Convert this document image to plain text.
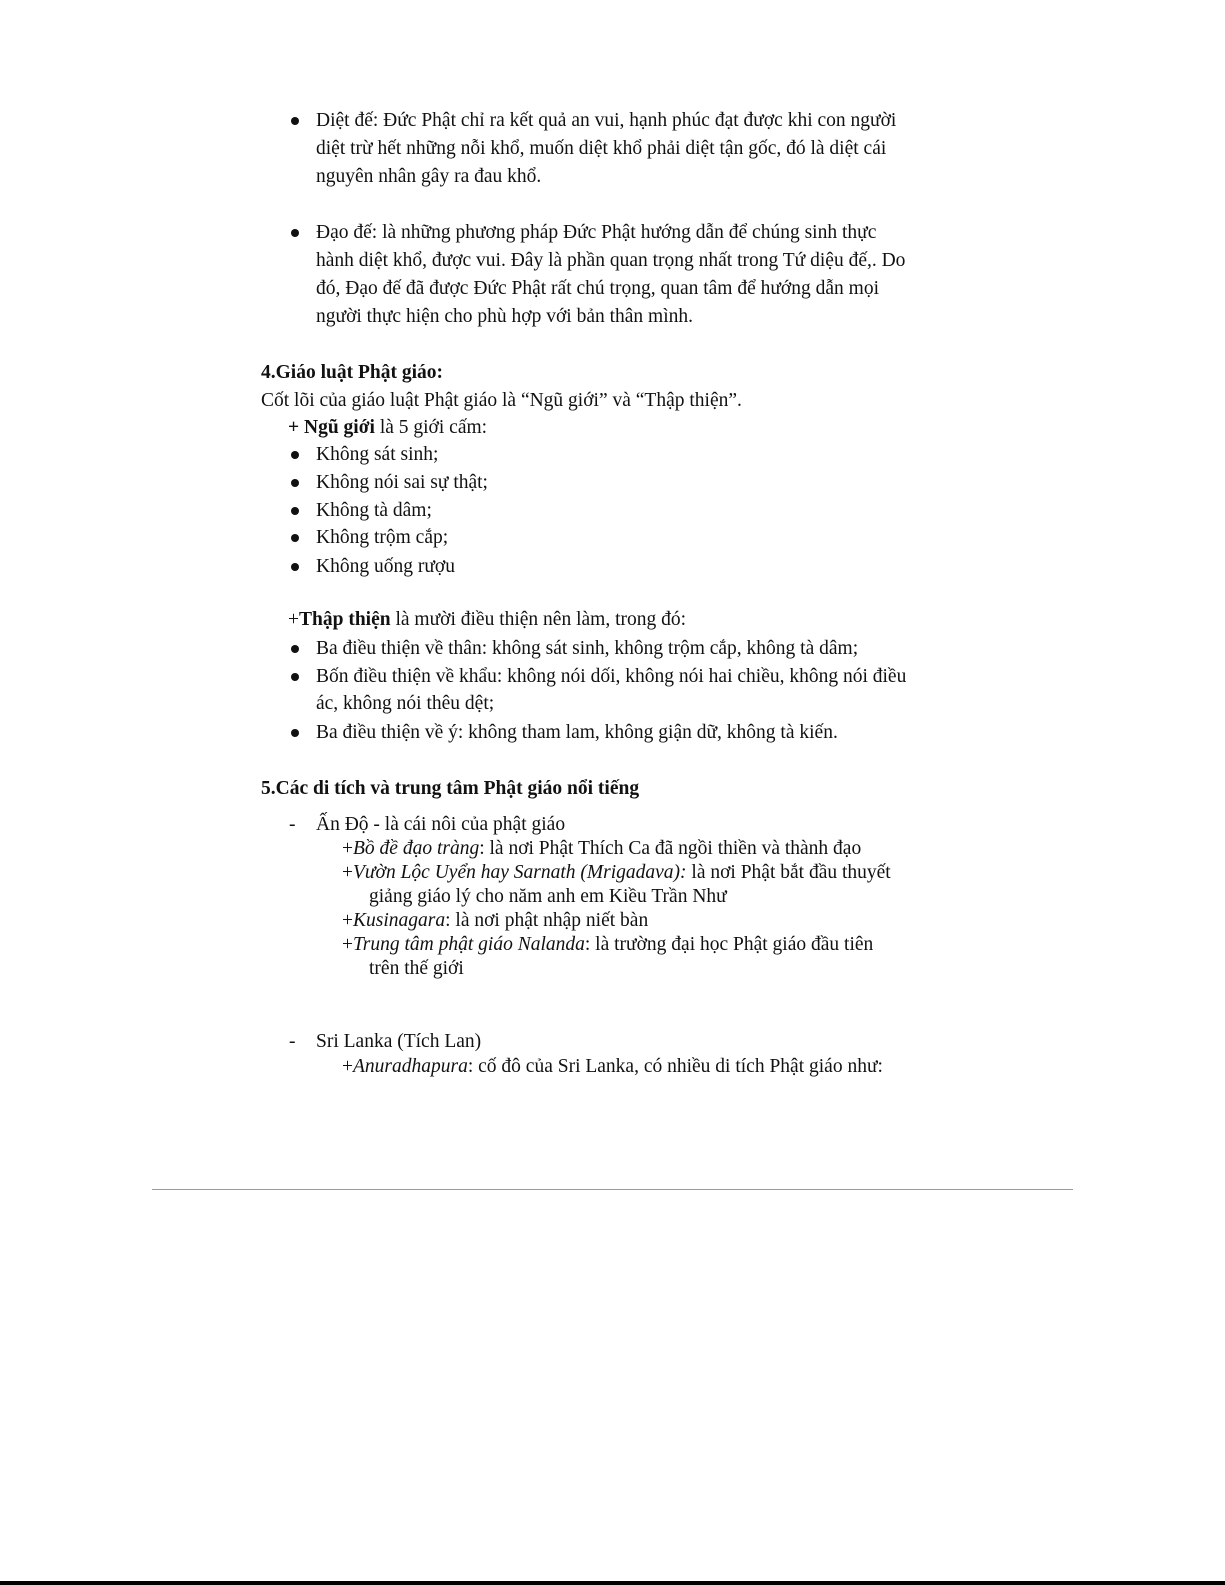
Diệt đế: Đức Phật chỉ ra kết quả an vui, hạnh phúc đạt được khi con người
diệt trừ hết những nỗi khổ, muốn diệt khổ phải diệt tận gốc, đó là diệt cái
nguyên nhân gây ra đau khổ.
Đạo đế: là những phương pháp Đức Phật hướng dẫn để chúng sinh thực
hành diệt khổ, được vui. Đây là phần quan trọng nhất trong Tứ diệu đế,. Do
đó, Đạo đế đã được Đức Phật rất chú trọng, quan tâm để hướng dẫn mọi
người thực hiện cho phù hợp với bản thân mình.
4.Giáo luật Phật giáo:
Cốt lõi của giáo luật Phật giáo là “Ngũ giới” và “Thập thiện”.
+ Ngũ giới là 5 giới cấm:
Không sát sinh;
Không nói sai sự thật;
Không tà dâm;
Không trộm cắp;
Không uống rượu
+Thập thiện là mười điều thiện nên làm, trong đó:
Ba điều thiện về thân: không sát sinh, không trộm cắp, không tà dâm;
Bốn điều thiện về khẩu: không nói dối, không nói hai chiều, không nói điều
ác, không nói thêu dệt;
Ba điều thiện về ý: không tham lam, không giận dữ, không tà kiến.
5.Các di tích và trung tâm Phật giáo nổi tiếng
- Ấn Độ - là cái nôi của phật giáo
+Bồ đề đạo tràng: là nơi Phật Thích Ca đã ngồi thiền và thành đạo
+Vườn Lộc Uyển hay Sarnath (Mrigadava): là nơi Phật bắt đầu thuyết
giảng giáo lý cho năm anh em Kiều Trần Như
+Kusinagara: là nơi phật nhập niết bàn
+Trung tâm phật giáo Nalanda: là trường đại học Phật giáo đầu tiên
trên thế giới
- Sri Lanka (Tích Lan)
+Anuradhapura: cố đô của Sri Lanka, có nhiều di tích Phật giáo như:
